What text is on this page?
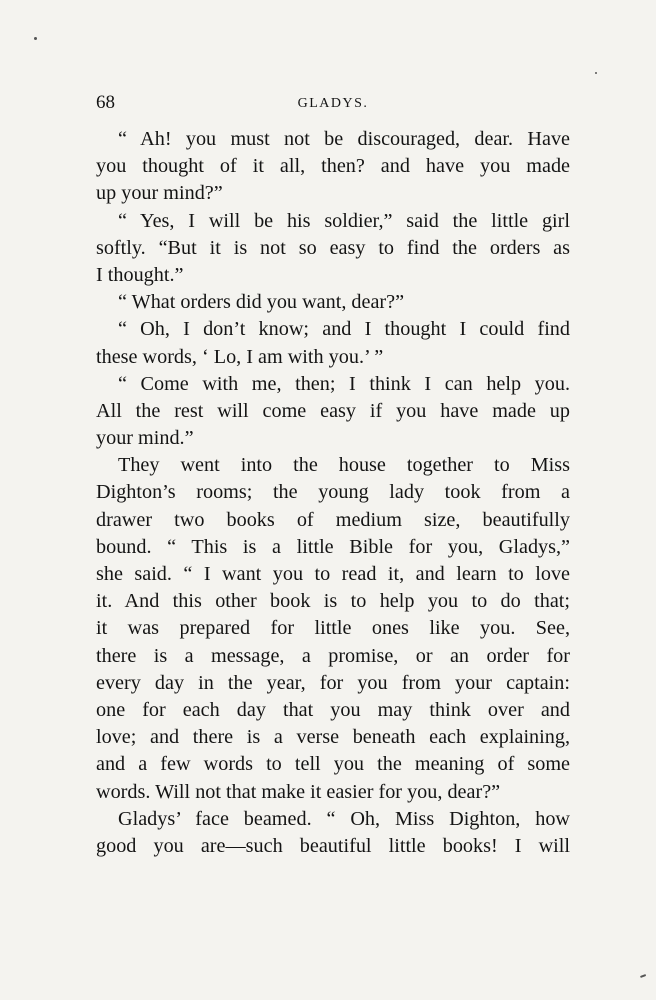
68	GLADYS.
“ Ah! you must not be discouraged, dear. Have
you thought of it all, then? and have you made
up your mind?”
“ Yes, I will be his soldier,” said the little girl
softly. “But it is not so easy to find the orders as
I thought.”
“ What orders did you want, dear?”
“ Oh, I don’t know; and I thought I could find
these words, ‘ Lo, I am with you.’ ”
“ Come with me, then; I think I can help you.
All the rest will come easy if you have made up
your mind.”
They went into the house together to Miss
Dighton’s rooms; the young lady took from a
drawer two books of medium size, beautifully
bound. “ This is a little Bible for you, Gladys,”
she said. “ I want you to read it, and learn to love
it. And this other book is to help you to do that;
it was prepared for little ones like you. See,
there is a message, a promise, or an order for
every day in the year, for you from your captain:
one for each day that you may think over and
love; and there is a verse beneath each explaining,
and a few words to tell you the meaning of some
words. Will not that make it easier for you, dear?”
Gladys’ face beamed. “ Oh, Miss Dighton, how
good you are—such beautiful little books! I will
